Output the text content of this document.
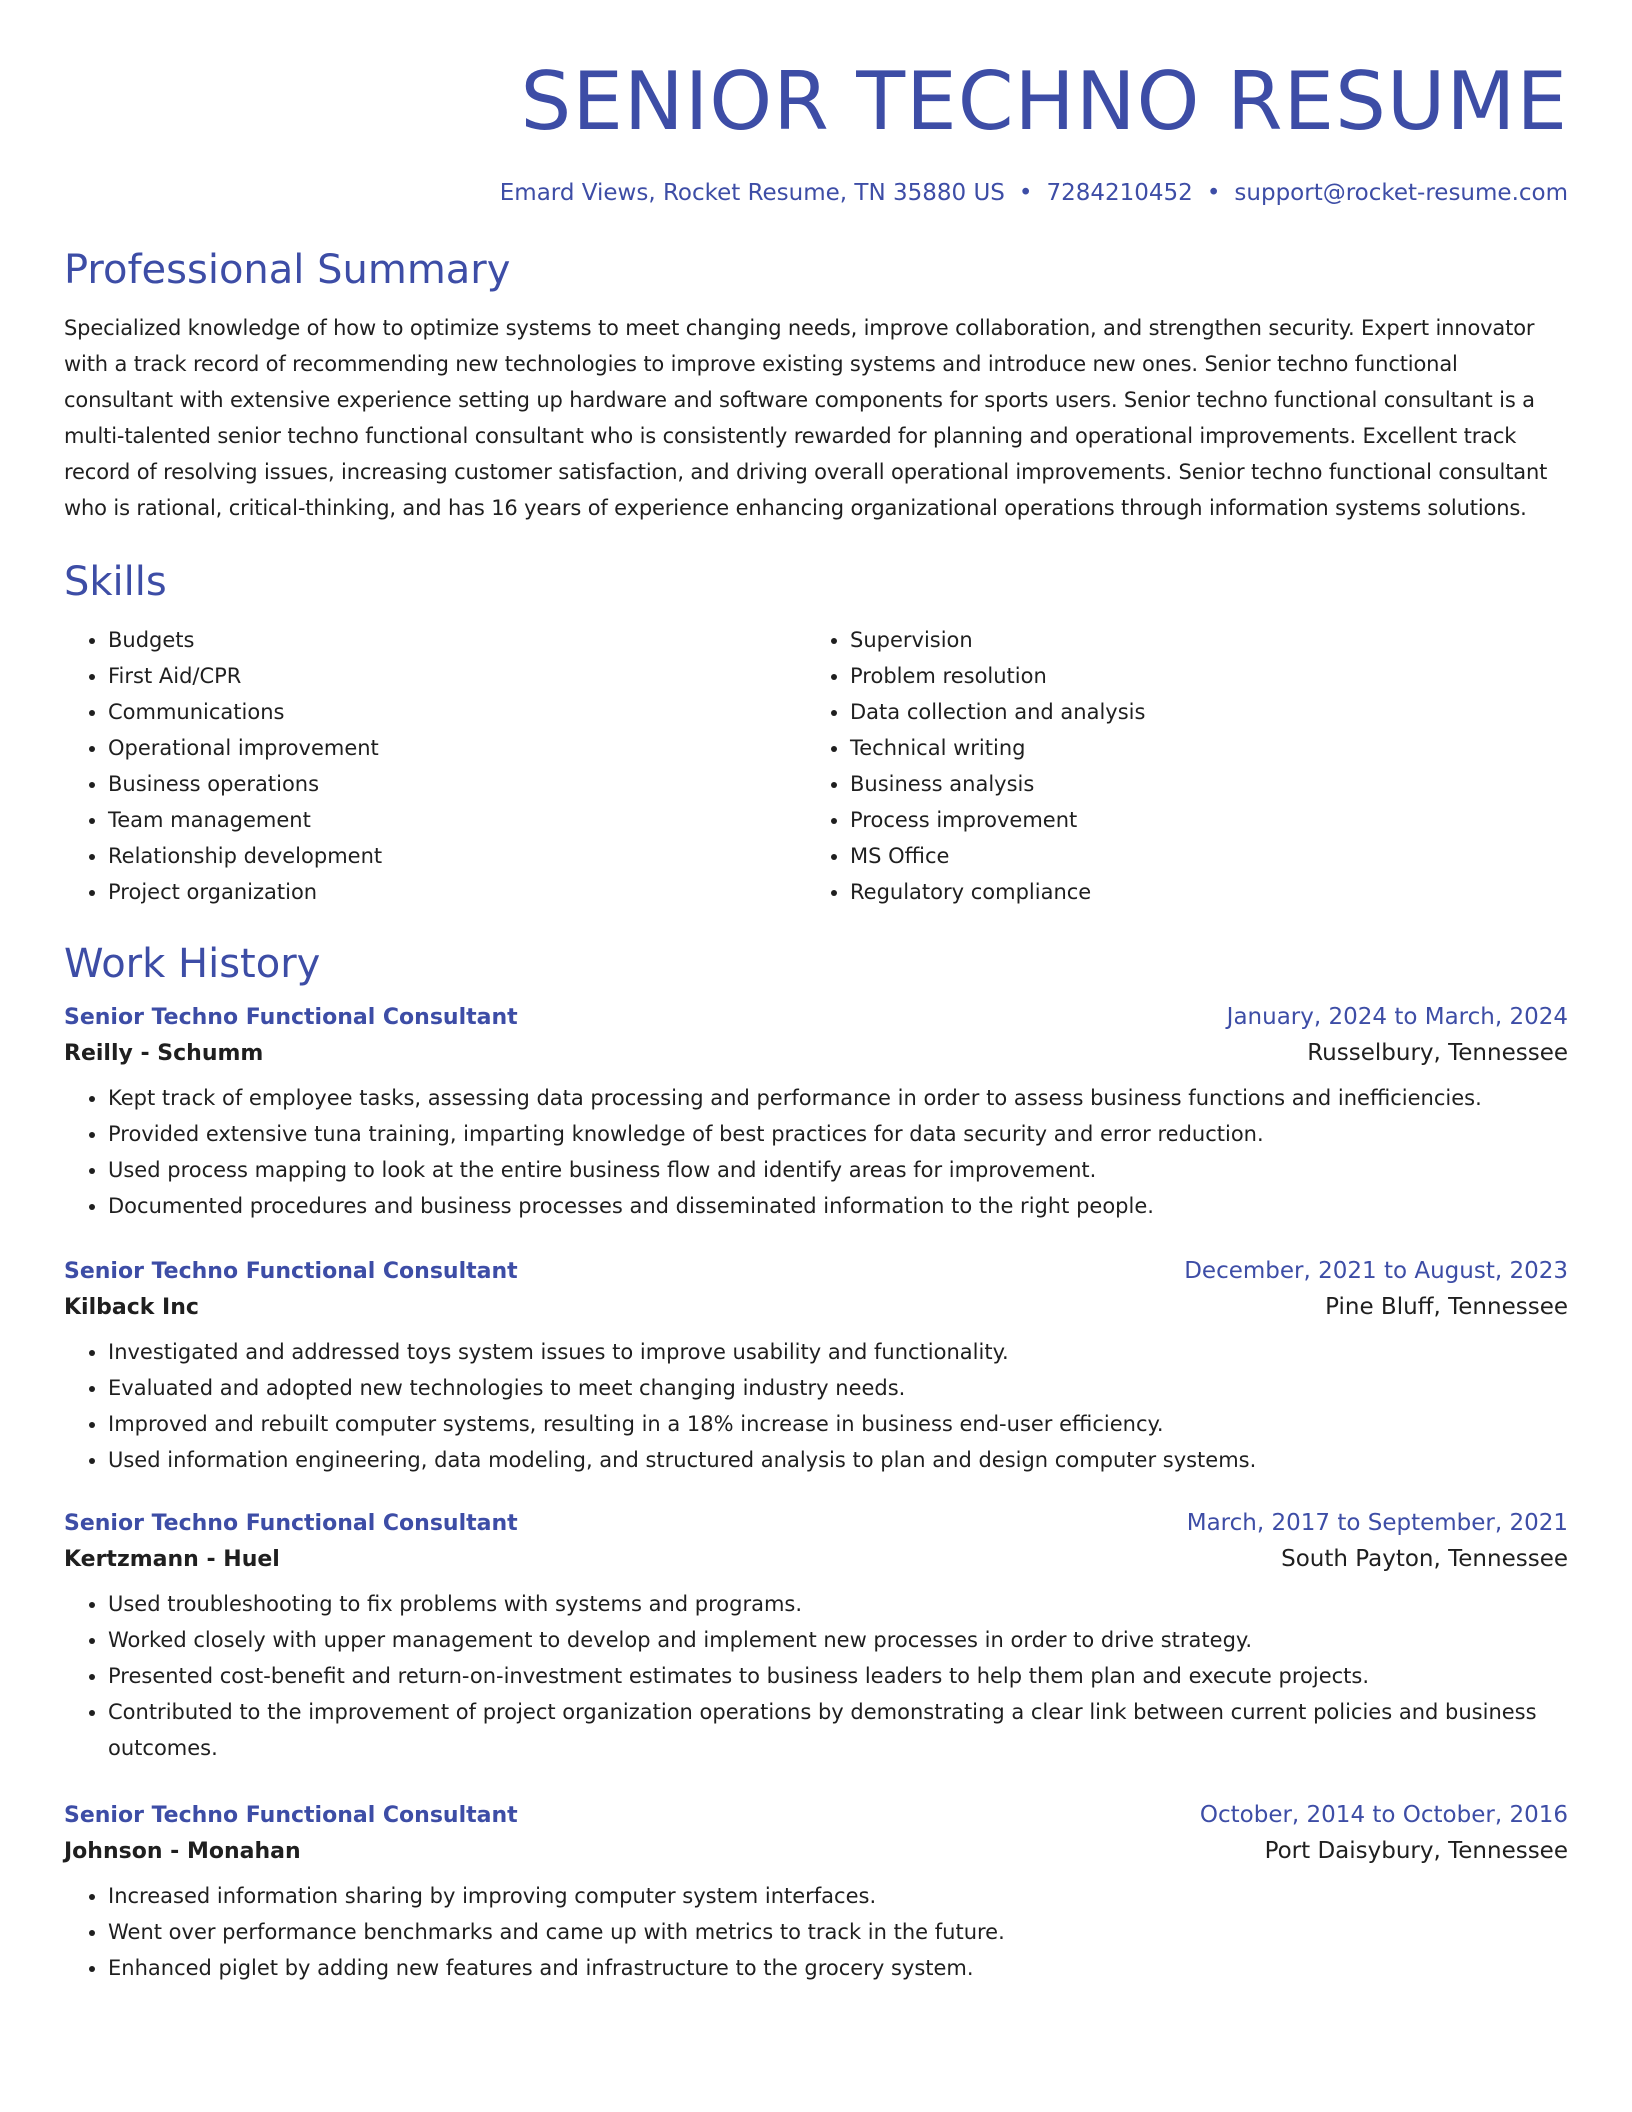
SENIOR TECHNO RESUME
Emard Views, Rocket Resume, TN 35880 US • 7284210452 • support@rocket-resume.com
Professional Summary

Specialized knowledge of how to optimize systems to meet changing needs, improve collaboration, and strengthen security. Expert innovator with a track record of recommending new technologies to improve existing systems and introduce new ones. Senior techno functional consultant with extensive experience setting up hardware and software components for sports users. Senior techno functional consultant is a multi-talented senior techno functional consultant who is consistently rewarded for planning and operational improvements. Excellent track record of resolving issues, increasing customer satisfaction, and driving overall operational improvements. Senior techno functional consultant who is rational, critical-thinking, and has 16 years of experience enhancing organizational operations through information systems solutions.

Skills
• Budgets
• First Aid/CPR
• Communications
• Operational improvement
• Business operations
• Team management
• Relationship development
• Project organization
• Supervision
• Problem resolution
• Data collection and analysis
• Technical writing
• Business analysis
• Process improvement
• MS Office
• Regulatory compliance
Work History
Senior Techno Functional Consultant	January, 2024 to March, 2024
Reilly - Schumm	Russelbury, Tennessee
• Kept track of employee tasks, assessing data processing and performance in order to assess business functions and inefficiencies.
• Provided extensive tuna training, imparting knowledge of best practices for data security and error reduction.
• Used process mapping to look at the entire business flow and identify areas for improvement.
• Documented procedures and business processes and disseminated information to the right people.
Senior Techno Functional Consultant	December, 2021 to August, 2023
Kilback Inc	Pine Bluff, Tennessee
• Investigated and addressed toys system issues to improve usability and functionality.
• Evaluated and adopted new technologies to meet changing industry needs.
• Improved and rebuilt computer systems, resulting in a 18% increase in business end-user efficiency.
• Used information engineering, data modeling, and structured analysis to plan and design computer systems.
Senior Techno Functional Consultant	March, 2017 to September, 2021
Kertzmann - Huel	South Payton, Tennessee
• Used troubleshooting to fix problems with systems and programs.
• Worked closely with upper management to develop and implement new processes in order to drive strategy.
• Presented cost-benefit and return-on-investment estimates to business leaders to help them plan and execute projects.
• Contributed to the improvement of project organization operations by demonstrating a clear link between current policies and business outcomes.
Senior Techno Functional Consultant	October, 2014 to October, 2016
Johnson - Monahan	Port Daisybury, Tennessee
• Increased information sharing by improving computer system interfaces.
• Went over performance benchmarks and came up with metrics to track in the future.
• Enhanced piglet by adding new features and infrastructure to the grocery system.
